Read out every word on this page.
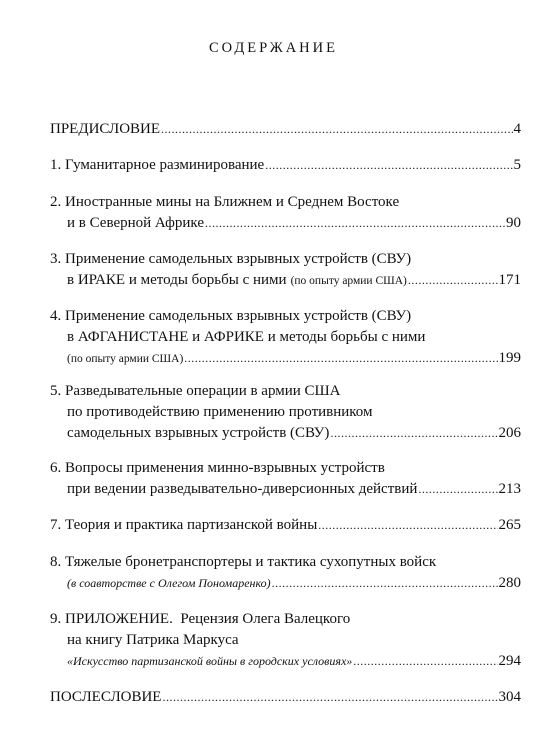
СОДЕРЖАНИЕ
ПРЕДИСЛОВИЕ .....	4
1. Гуманитарное разминирование .....	5
2. Иностранные мины на Ближнем и Среднем Востоке
и в Северной Африке .....	90
3. Применение самодельных взрывных устройств (СВУ)
в ИРАКЕ и методы борьбы с ними (по опыту армии США) .....	171
4. Применение самодельных взрывных устройств (СВУ)
в АФГАНИСТАНЕ и АФРИКЕ и методы борьбы с ними
(по опыту армии США) .....	199
5. Разведывательные операции в армии США
по противодействию применению противником
самодельных взрывных устройств (СВУ) .....	206
6. Вопросы применения минно-взрывных устройств
при ведении разведывательно-диверсионных действий .....	213
7. Теория и практика партизанской войны .....	265
8. Тяжелые бронетранспортеры и тактика сухопутных войск
(в соавторстве с Олегом Пономаренко) .....	280
9. ПРИЛОЖЕНИЕ.  Рецензия Олега Валецкого
на книгу Патрика Маркуса
«Искусство партизанской войны в городских условиях» .....	294
ПОСЛЕСЛОВИЕ .....	304
